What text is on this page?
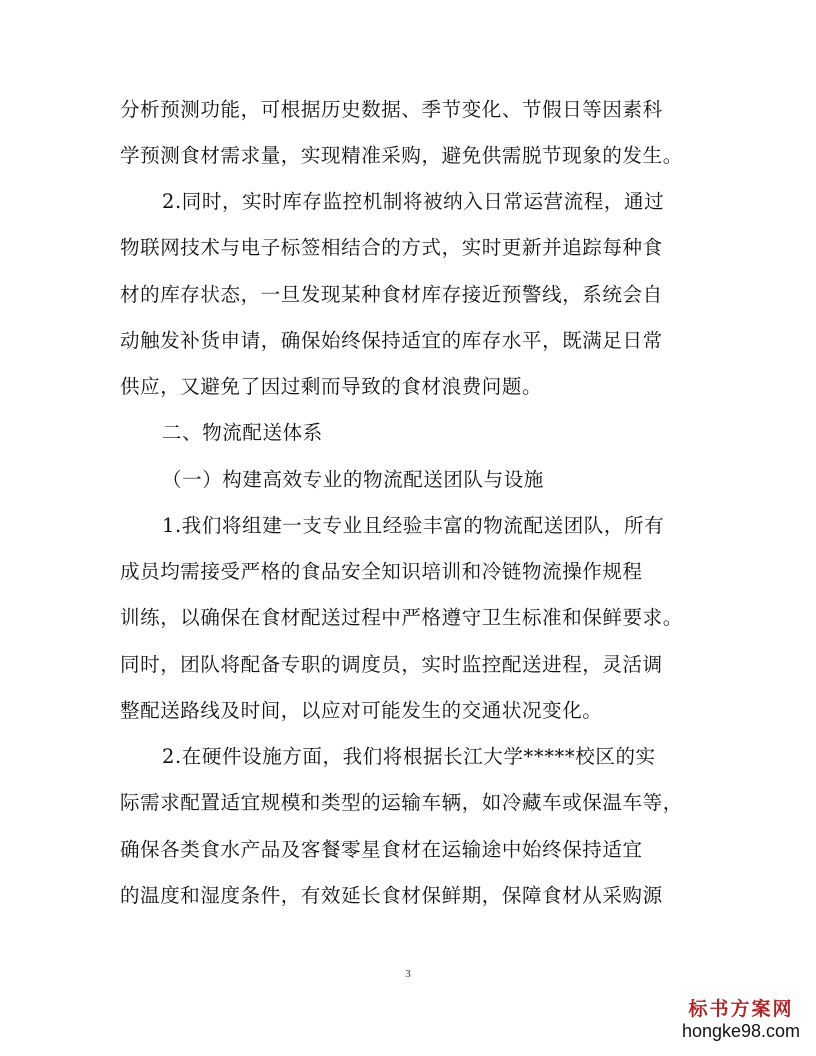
分析预测功能，可根据历史数据、季节变化、节假日等因素科
学预测食材需求量，实现精准采购，避免供需脱节现象的发生。
2.同时，实时库存监控机制将被纳入日常运营流程，通过
物联网技术与电子标签相结合的方式，实时更新并追踪每种食
材的库存状态，一旦发现某种食材库存接近预警线，系统会自
动触发补货申请，确保始终保持适宜的库存水平，既满足日常
供应，又避免了因过剩而导致的食材浪费问题。
二、物流配送体系
（一）构建高效专业的物流配送团队与设施
1.我们将组建一支专业且经验丰富的物流配送团队，所有
成员均需接受严格的食品安全知识培训和冷链物流操作规程
训练，以确保在食材配送过程中严格遵守卫生标准和保鲜要求。
同时，团队将配备专职的调度员，实时监控配送进程，灵活调
整配送路线及时间，以应对可能发生的交通状况变化。
2.在硬件设施方面，我们将根据长江大学*****校区的实
际需求配置适宜规模和类型的运输车辆，如冷藏车或保温车等，
确保各类食水产品及客餐零星食材在运输途中始终保持适宜
的温度和湿度条件，有效延长食材保鲜期，保障食材从采购源
3
标书方案网
hongke98.com
